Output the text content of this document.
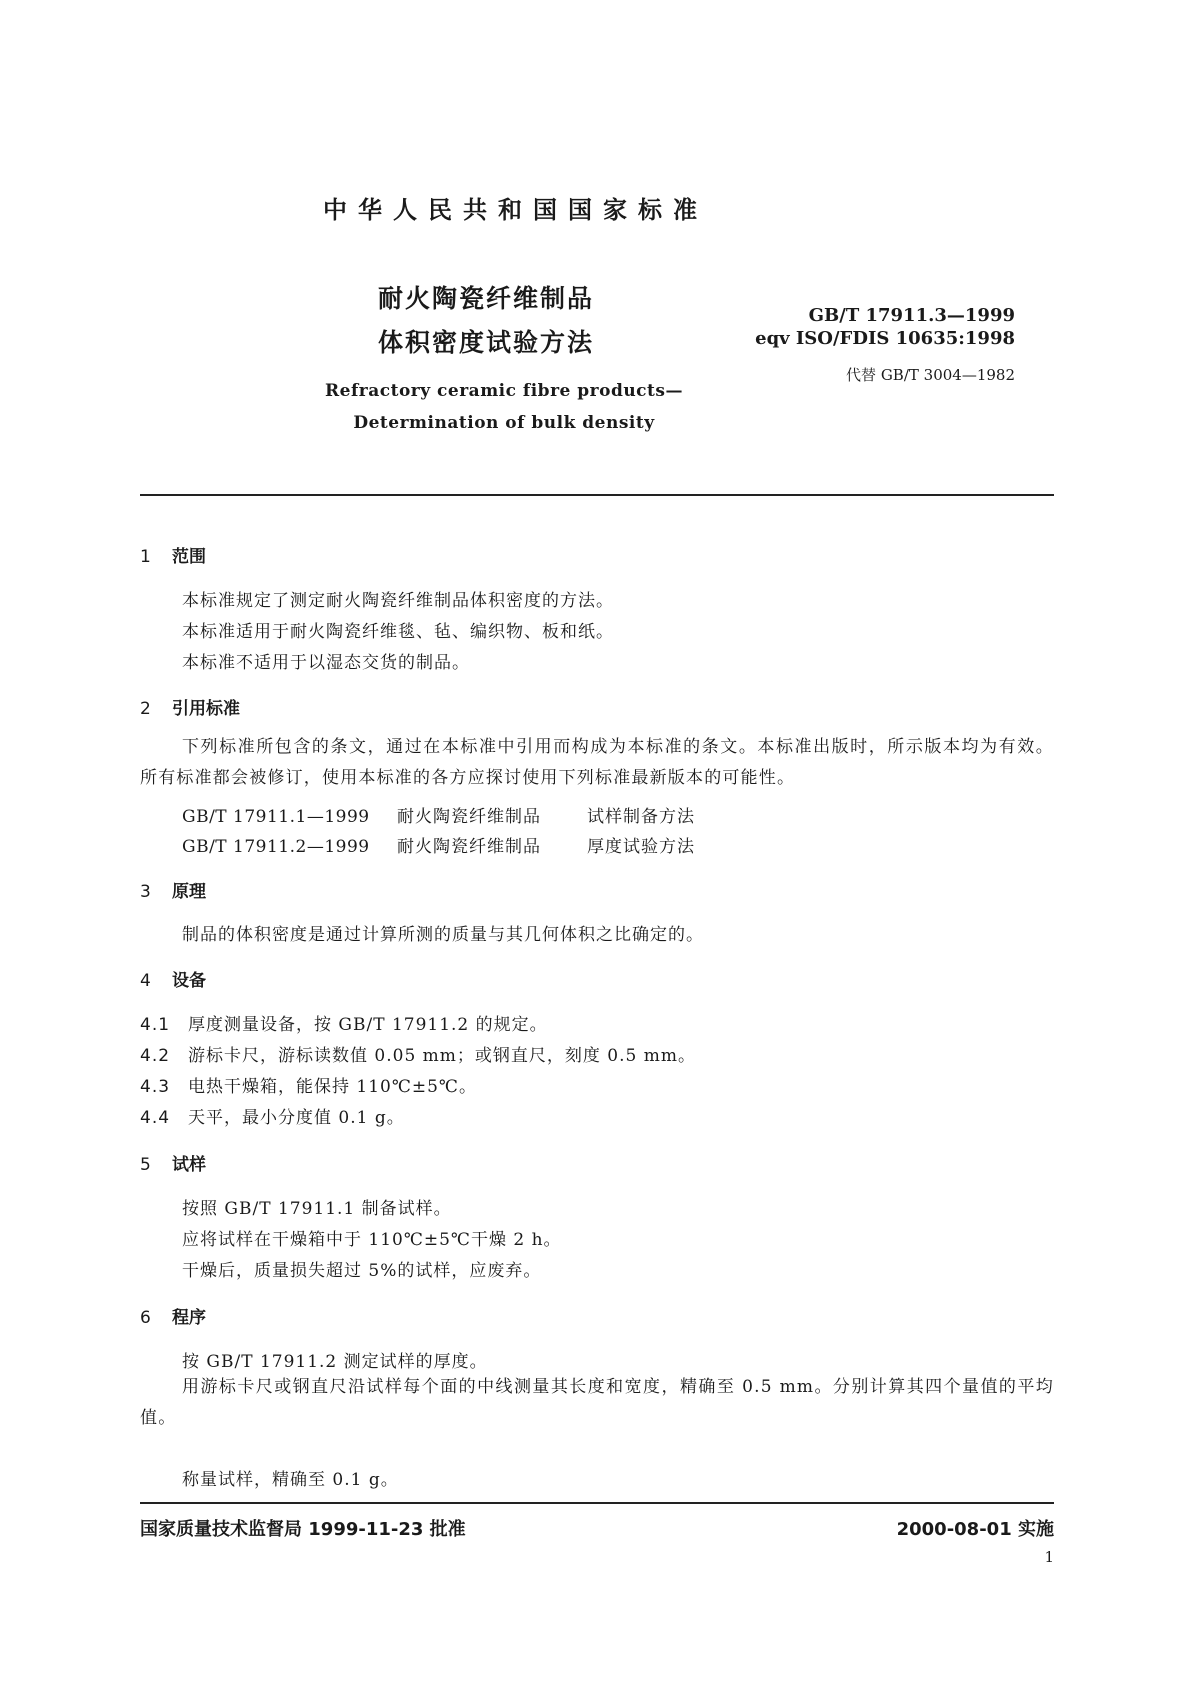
中华人民共和国国家标准
耐火陶瓷纤维制品
体积密度试验方法
GB/T 17911.3—1999
eqv ISO/FDIS 10635:1998
代替 GB/T 3004—1982
Refractory ceramic fibre products—
Determination of bulk density
1 范围
本标准规定了测定耐火陶瓷纤维制品体积密度的方法。
本标准适用于耐火陶瓷纤维毯、毡、编织物、板和纸。
本标准不适用于以湿态交货的制品。
2 引用标准
下列标准所包含的条文，通过在本标准中引用而构成为本标准的条文。本标准出版时，所示版本均为有效。所有标准都会被修订，使用本标准的各方应探讨使用下列标准最新版本的可能性。
GB/T 17911.1—1999 耐火陶瓷纤维制品	试样制备方法
GB/T 17911.2—1999 耐火陶瓷纤维制品	厚度试验方法
3 原理
制品的体积密度是通过计算所测的质量与其几何体积之比确定的。
4 设备
4.1 厚度测量设备，按 GB/T 17911.2 的规定。
4.2 游标卡尺，游标读数值 0.05 mm；或钢直尺，刻度 0.5 mm。
4.3 电热干燥箱，能保持 110℃±5℃。
4.4 天平，最小分度值 0.1 g。
5 试样
按照 GB/T 17911.1 制备试样。
应将试样在干燥箱中于 110℃±5℃干燥 2 h。
干燥后，质量损失超过 5%的试样，应废弃。
6 程序
按 GB/T 17911.2 测定试样的厚度。
用游标卡尺或钢直尺沿试样每个面的中线测量其长度和宽度，精确至 0.5 mm。分别计算其四个量值的平均值。
称量试样，精确至 0.1 g。
国家质量技术监督局 1999-11-23 批准	2000-08-01 实施
1
